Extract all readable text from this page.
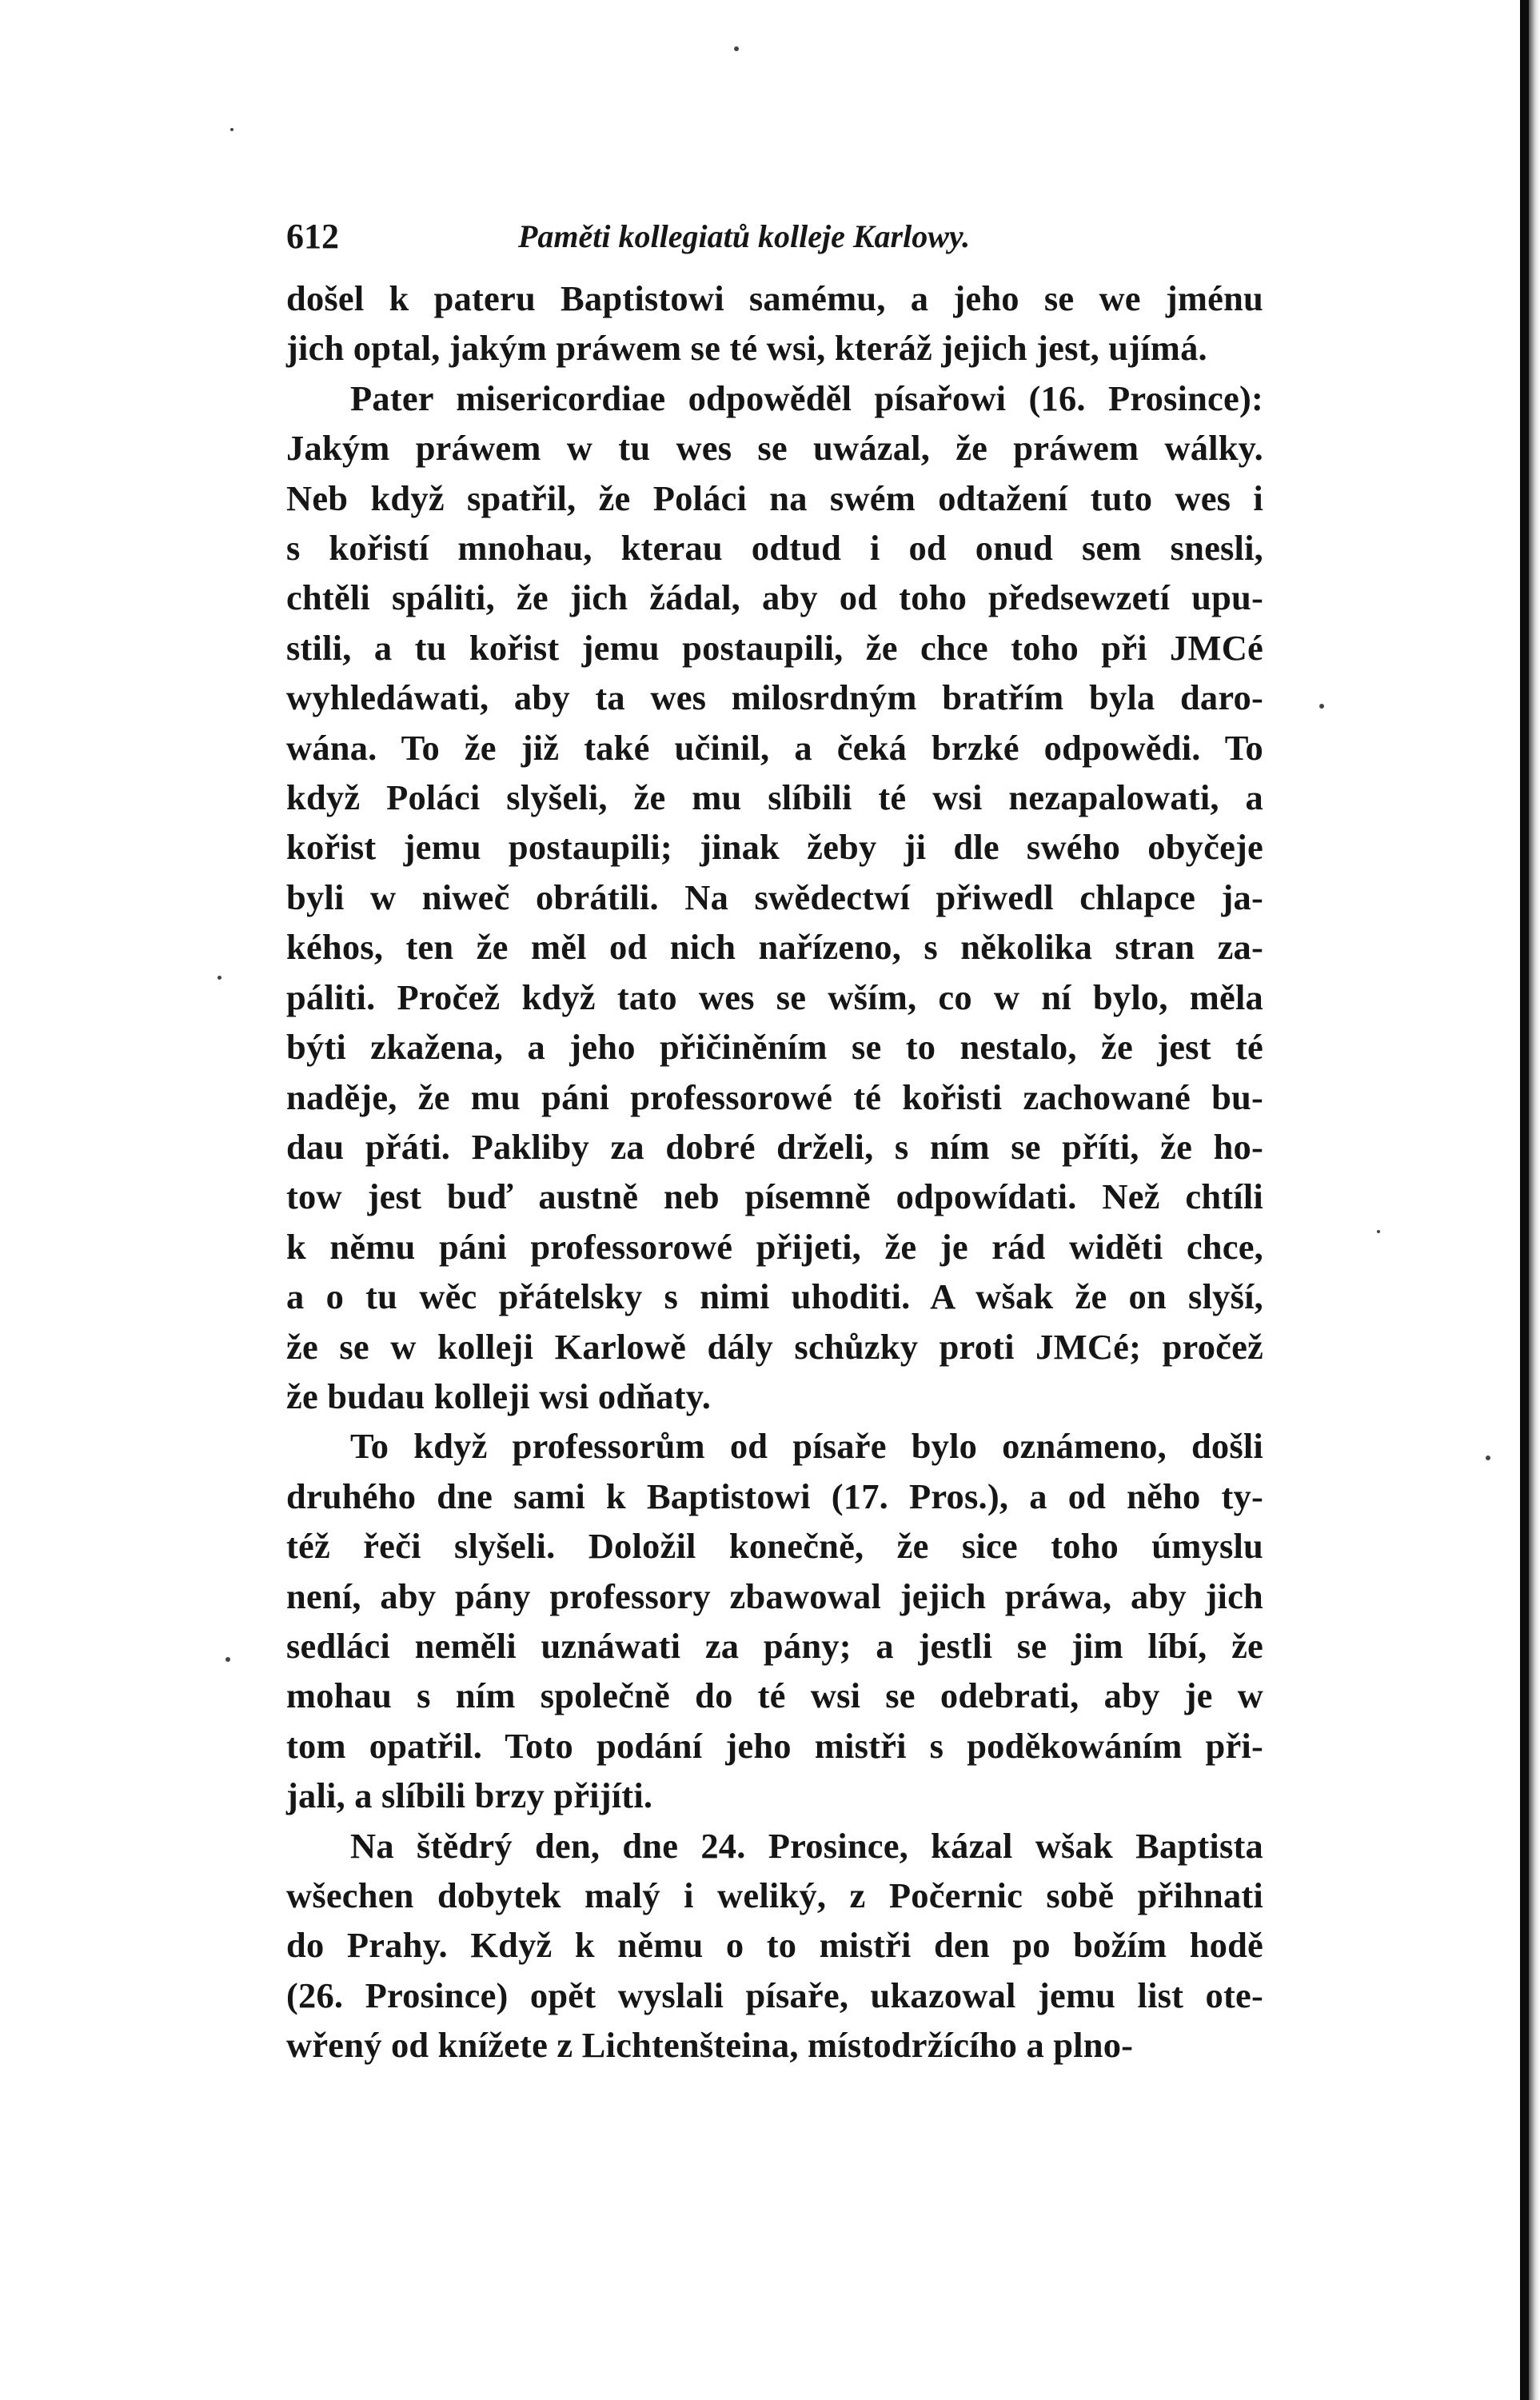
612	Paměti kollegiatů kolleje Karlowy.

došel k pateru Baptistowi samému, a jeho se we jménu

jich optal, jakým práwem se té wsi, kteráž jejich jest, ujímá.

Pater misericordiae odpowěděl písařowi (16. Prosince):

Jakým práwem w tu wes se uwázal, že práwem wálky.

Neb když spatřil, že Poláci na swém odtažení tuto wes i

s kořistí mnohau, kterau odtud i od onud sem snesli,

chtěli spáliti, že jich žádal, aby od toho předsewzetí upu-

stili, a tu kořist jemu postaupili, že chce toho při JMCé

wyhledáwati, aby ta wes milosrdným bratřím byla daro-

wána. To že již také učinil, a čeká brzké odpowědi. To

když Poláci slyšeli, že mu slíbili té wsi nezapalowati, a

kořist jemu postaupili; jinak žeby ji dle swého obyčeje

byli w niweč obrátili. Na swědectwí přiwedl chlapce ja-

kéhos, ten že měl od nich nařízeno, s několika stran za-

páliti. Pročež když tato wes se wším, co w ní bylo, měla

býti zkažena, a jeho přičiněním se to nestalo, že jest té

naděje, že mu páni professorowé té kořisti zachowané bu-

dau přáti. Pakliby za dobré drželi, s ním se příti, že ho-

tow jest buď austně neb písemně odpowídati. Než chtíli

k němu páni professorowé přijeti, že je rád widěti chce,

a o tu wěc přátelsky s nimi uhoditi. A wšak že on slyší,

že se w kolleji Karlowě dály schůzky proti JMCé; pročež

že budau kolleji wsi odňaty.

To když professorům od písaře bylo oznámeno, došli

druhého dne sami k Baptistowi (17. Pros.), a od něho ty-

též řeči slyšeli. Doložil konečně, že sice toho úmyslu

není, aby pány professory zbawowal jejich práwa, aby jich

sedláci neměli uznáwati za pány; a jestli se jim líbí, že

mohau s ním společně do té wsi se odebrati, aby je w

tom opatřil. Toto podání jeho mistři s poděkowáním při-

jali, a slíbili brzy přijíti.

Na štědrý den, dne 24. Prosince, kázal wšak Baptista

wšechen dobytek malý i weliký, z Počernic sobě přihnati

do Prahy. Když k němu o to mistři den po božím hodě

(26. Prosince) opět wyslali písaře, ukazowal jemu list ote-

wřený od knížete z Lichtenšteina, místodržícího a plno-
